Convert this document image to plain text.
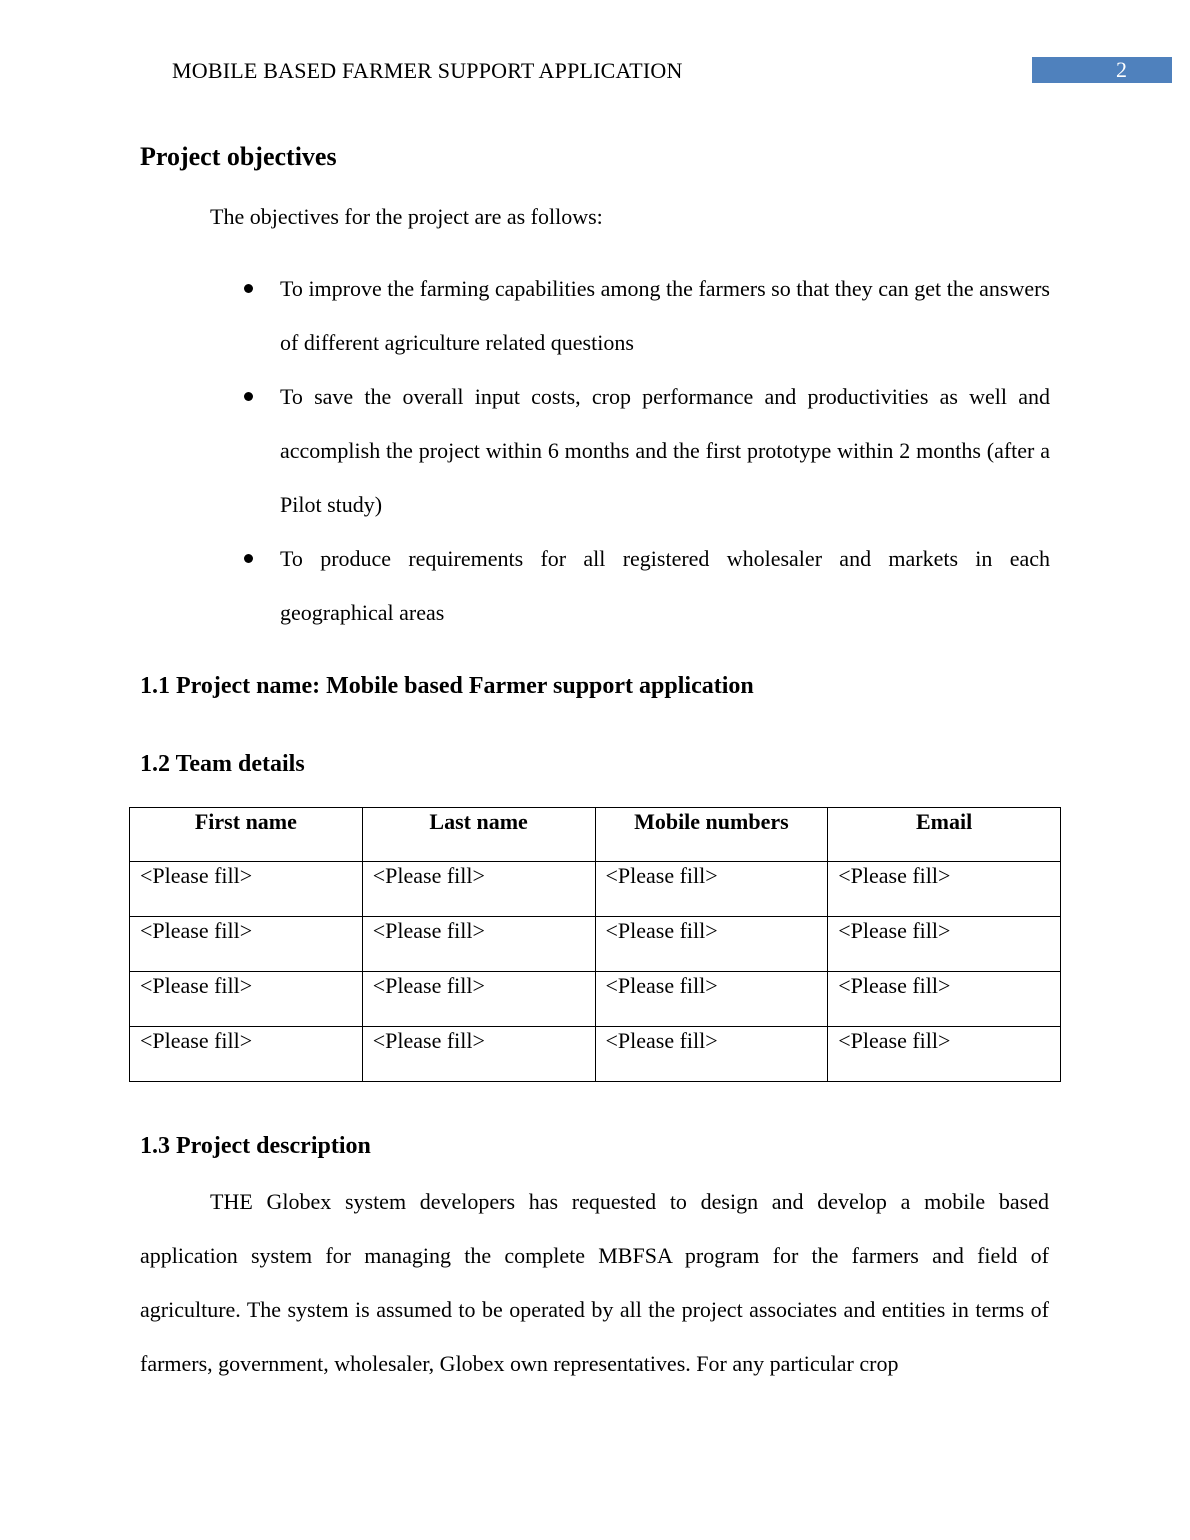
MOBILE BASED FARMER SUPPORT APPLICATION	2
Project objectives

The objectives for the project are as follows:

To improve the farming capabilities among the farmers so that they can get the answers of different agriculture related questions
To save the overall input costs, crop performance and productivities as well and accomplish the project within 6 months and the first prototype within 2 months (after a Pilot study)
To produce requirements for all registered wholesaler and markets in each geographical areas
1.1 Project name: Mobile based Farmer support application
1.2 Team details
First name	Last name	Mobile numbers	Email
<Please fill>	<Please fill>	<Please fill>	<Please fill>
<Please fill>	<Please fill>	<Please fill>	<Please fill>
<Please fill>	<Please fill>	<Please fill>	<Please fill>
<Please fill>	<Please fill>	<Please fill>	<Please fill>
1.3 Project description

THE Globex system developers has requested to design and develop a mobile based application system for managing the complete MBFSA program for the farmers and field of agriculture. The system is assumed to be operated by all the project associates and entities in terms of farmers, government, wholesaler, Globex own representatives. For any particular crop
